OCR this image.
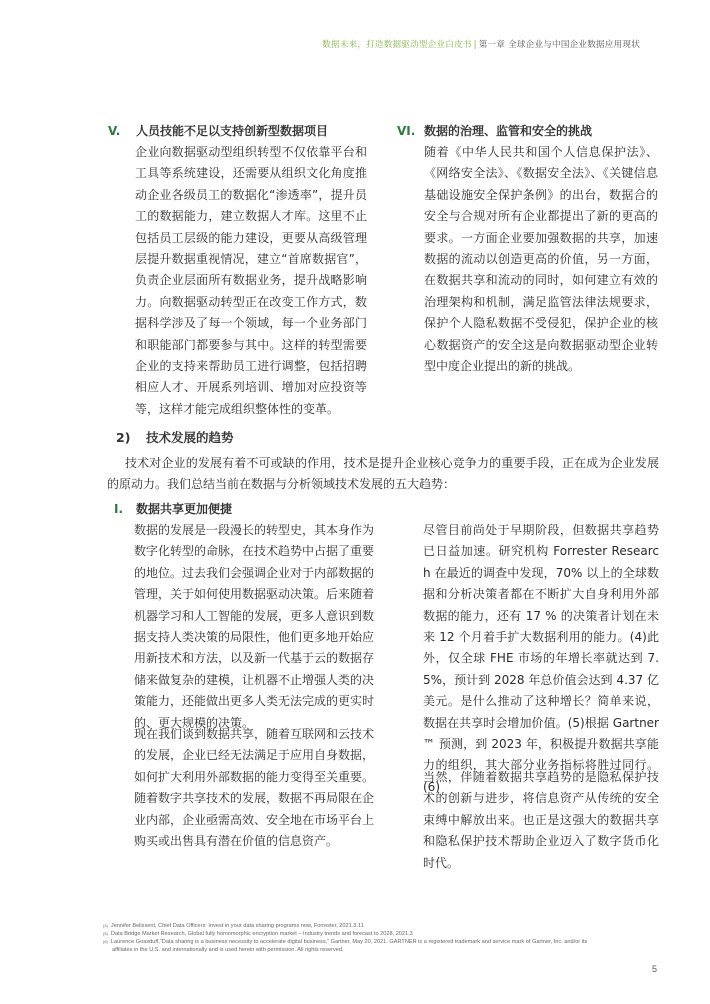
数据未来，打造数据驱动型企业白皮书 | 第一章 全球企业与中国企业数据应用现状
V. 人员技能不足以支持创新型数据项目

企业向数据驱动型组织转型不仅依靠平台和工具等系统建设，还需要从组织文化角度推动企业各级员工的数据化“渗透率”，提升员工的数据能力，建立数据人才库。这里不止包括员工层级的能力建设，更要从高级管理层提升数据重视情况，建立“首席数据官”，负责企业层面所有数据业务，提升战略影响力。向数据驱动转型正在改变工作方式，数据科学涉及了每一个领域，每一个业务部门和职能部门都要参与其中。这样的转型需要企业的支持来帮助员工进行调整，包括招聘相应人才、开展系列培训、增加对应投资等等，这样才能完成组织整体性的变革。

VI. 数据的治理、监管和安全的挑战

随着《中华人民共和国个人信息保护法》、《网络安全法》、《数据安全法》、《关键信息基础设施安全保护条例》的出台，数据合的安全与合规对所有企业都提出了新的更高的要求。一方面企业要加强数据的共享，加速数据的流动以创造更高的价值，另一方面，在数据共享和流动的同时，如何建立有效的治理架构和机制，满足监管法律法规要求，保护个人隐私数据不受侵犯，保护企业的核心数据资产的安全这是向数据驱动型企业转型中度企业提出的新的挑战。

2) 技术发展的趋势

技术对企业的发展有着不可或缺的作用，技术是提升企业核心竞争力的重要手段，正在成为企业发展的原动力。我们总结当前在数据与分析领域技术发展的五大趋势：

I. 数据共享更加便捷

数据的发展是一段漫长的转型史，其本身作为数字化转型的命脉，在技术趋势中占据了重要的地位。过去我们会强调企业对于内部数据的管理，关于如何使用数据驱动决策。后来随着机器学习和人工智能的发展，更多人意识到数据支持人类决策的局限性，他们更多地开始应用新技术和方法，以及新一代基于云的数据存储来做复杂的建模，让机器不止增强人类的决策能力，还能做出更多人类无法完成的更实时的、更大规模的决策。

现在我们谈到数据共享，随着互联网和云技术的发展，企业已经无法满足于应用自身数据，如何扩大利用外部数据的能力变得至关重要。随着数字共享技术的发展，数据不再局限在企业内部，企业亟需高效、安全地在市场平台上购买或出售具有潜在价值的信息资产。

尽管目前尚处于早期阶段，但数据共享趋势已日益加速。研究机构 Forrester Research 在最近的调查中发现，70% 以上的全球数据和分析决策者都在不断扩大自身利用外部数据的能力，还有 17 % 的决策者计划在未来 12 个月着手扩大数据利用的能力。(4)此外，仅全球 FHE 市场的年增长率就达到 7.5%，预计到 2028 年总价值会达到 4.37 亿美元。是什么推动了这种增长？简单来说，数据在共享时会增加价值。(5)根据 Gartner™ 预测，到 2023 年，积极提升数据共享能力的组织，其大部分业务指标将胜过同行。(6)

当然，伴随着数据共享趋势的是隐私保护技术的创新与进步，将信息资产从传统的安全束缚中解放出来。也正是这强大的数据共享和隐私保护技术帮助企业迈入了数字货币化时代。

$^{(4)}$ Jennifer Belissent, Chief Data Officers: Invest in your data sharing programs now, Forrester, 2021.3.11
$^{(5)}$ Data Bridge Market Research, Global fully homomorphic encryption market – Industry trends and forecast to 2028, 2021.3
$^{(6)}$ Laurence Goasduff,“Data sharing is a business necessity to accelerate digital business,” Gartner, May 20, 2021. GARTNER is a registered trademark and service mark of Gartner, Inc. and/or its
affiliates in the U.S. and internationally and is used herein with permission. All rights reserved.
5
